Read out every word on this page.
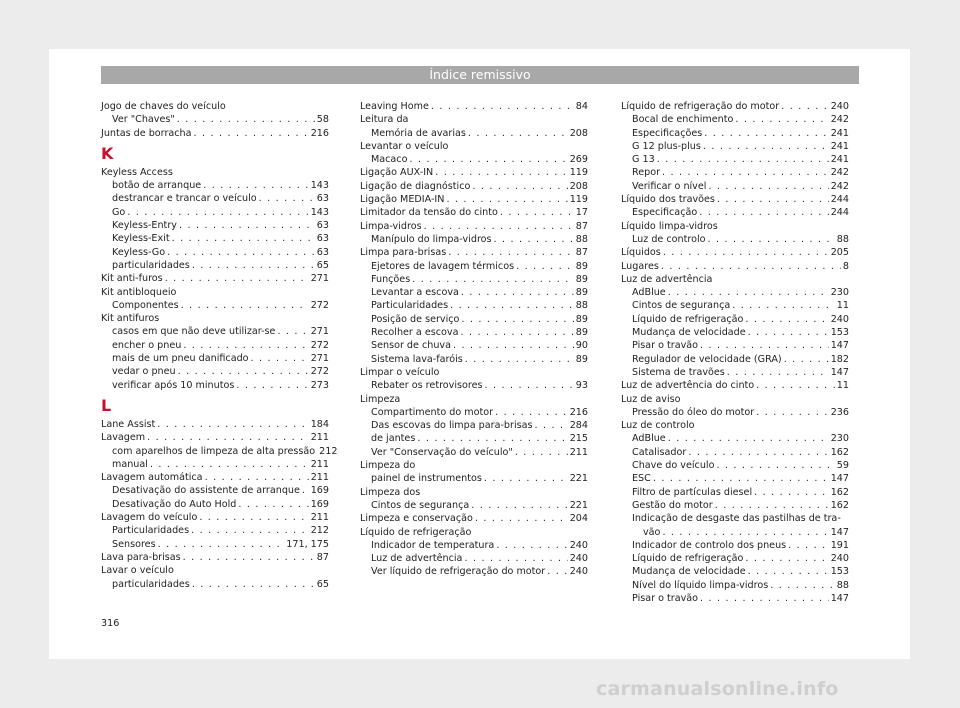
Índice remissivo
Jogo de chaves do veículo
Ver "Chaves" . . .	58
Juntas de borracha . . .	216
K
Keyless Access
botão de arranque . . .	143
destrancar e trancar o veículo . . .	63
Go . . .	143
Keyless-Entry . . .	63
Keyless-Exit . . .	63
Keyless-Go . . .	63
particularidades . . .	65
Kit anti-furos . . .	271
Kit antibloqueio
Componentes . . .	272
Kit antifuros
casos em que não deve utilizar-se . . .	271
encher o pneu . . .	272
mais de um pneu danificado . . .	271
vedar o pneu . . .	272
verificar após 10 minutos . . .	273
L
Lane Assist . . .	184
Lavagem . . .	211
com aparelhos de limpeza de alta pressão 212
manual . . .	211
Lavagem automática . . .	211
Desativação do assistente de arranque . . . 169
Desativação do Auto Hold . . .	169
Lavagem do veículo . . .	211
Particularidades . . .	212
Sensores . . .	171, 175
Lava para-brisas . . .	87
Lavar o veículo
particularidades . . .	65
Leaving Home . . .	84
Leitura da
Memória de avarias . . .	208
Levantar o veículo
Macaco . . .	269
Ligação AUX-IN . . .	119
Ligação de diagnóstico . . .	208
Ligação MEDIA-IN . . .	119
Limitador da tensão do cinto . . .	17
Limpa-vidros . . .	87
Manípulo do limpa-vidros . . .	88
Limpa para-brisas . . .	87
Ejetores de lavagem térmicos . . .	89
Funções . . .	89
Levantar a escova . . .	89
Particularidades . . .	88
Posição de serviço . . .	89
Recolher a escova . . .	89
Sensor de chuva . . .	90
Sistema lava-faróis . . .	89
Limpar o veículo
Rebater os retrovisores . . .	93
Limpeza
Compartimento do motor . . .	216
Das escovas do limpa para-brisas . . .	284
de jantes . . .	215
Ver "Conservação do veículo" . . .	211
Limpeza do
painel de instrumentos . . .	221
Limpeza dos
Cintos de segurança . . .	221
Limpeza e conservação . . .	204
Líquido de refrigeração
Indicador de temperatura . . .	240
Luz de advertência . . .	240
Ver líquido de refrigeração do motor . . .	240
Líquido de refrigeração do motor . . .	240
Bocal de enchimento . . .	242
Especificações . . .	241
G 12 plus-plus . . .	241
G 13 . . .	241
Repor . . .	242
Verificar o nível . . .	242
Líquido dos travões . . .	244
Especificação . . .	244
Líquido limpa-vidros
Luz de controlo . . .	88
Líquidos . . .	205
Lugares . . .	8
Luz de advertência
AdBlue . . .	230
Cintos de segurança . . .	11
Líquido de refrigeração . . .	240
Mudança de velocidade . . .	153
Pisar o travão . . .	147
Regulador de velocidade (GRA) . . .	182
Sistema de travões . . .	147
Luz de advertência do cinto . . .	11
Luz de aviso
Pressão do óleo do motor . . .	236
Luz de controlo
AdBlue . . .	230
Catalisador . . .	162
Chave do veículo . . .	59
ESC . . .	147
Filtro de partículas diesel . . .	162
Gestão do motor . . .	162
Indicação de desgaste das pastilhas de tra-
vão . . .	147
Indicador de controlo dos pneus . . .	191
Líquido de refrigeração . . .	240
Mudança de velocidade . . .	153
Nível do líquido limpa-vidros . . .	88
Pisar o travão . . .	147
316
carmanualsonline.info
